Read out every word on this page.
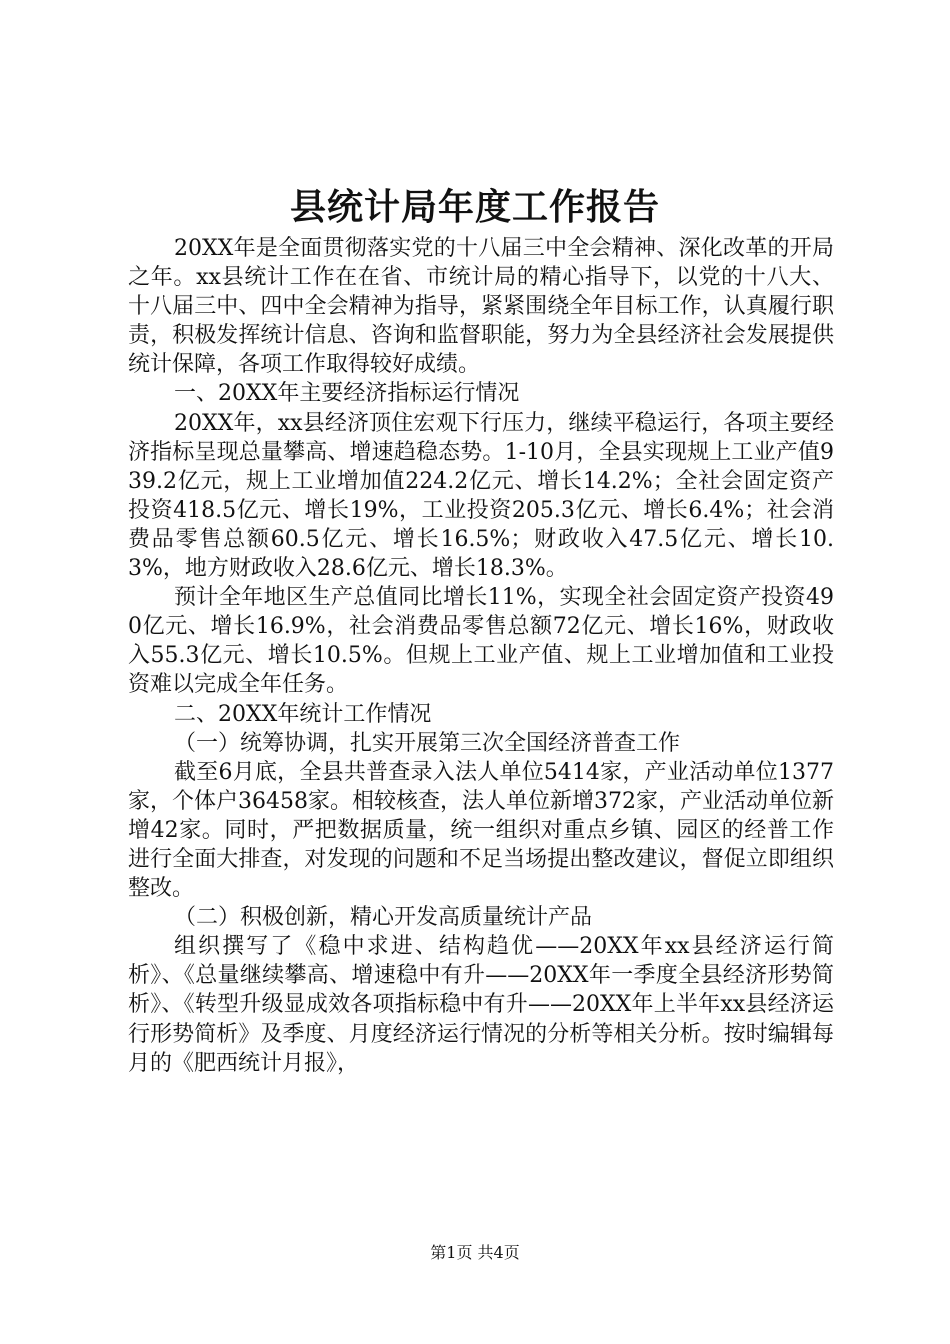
县统计局年度工作报告

20XX年是全面贯彻落实党的十八届三中全会精神、深化改革的开局之年。xx县统计工作在在省、市统计局的精心指导下，以党的十八大、十八届三中、四中全会精神为指导，紧紧围绕全年目标工作，认真履行职责，积极发挥统计信息、咨询和监督职能，努力为全县经济社会发展提供统计保障，各项工作取得较好成绩。

一、20XX年主要经济指标运行情况

20XX年，xx县经济顶住宏观下行压力，继续平稳运行，各项主要经济指标呈现总量攀高、增速趋稳态势。1-10月，全县实现规上工业产值939.2亿元，规上工业增加值224.2亿元、增长14.2%；全社会固定资产投资418.5亿元、增长19%，工业投资205.3亿元、增长6.4%；社会消费品零售总额60.5亿元、增长16.5%；财政收入47.5亿元、增长10.3%，地方财政收入28.6亿元、增长18.3%。

预计全年地区生产总值同比增长11%，实现全社会固定资产投资490亿元、增长16.9%，社会消费品零售总额72亿元、增长16%，财政收入55.3亿元、增长10.5%。但规上工业产值、规上工业增加值和工业投资难以完成全年任务。

二、20XX年统计工作情况

（一）统筹协调，扎实开展第三次全国经济普查工作

截至6月底，全县共普查录入法人单位5414家，产业活动单位1377家，个体户36458家。相较核查，法人单位新增372家，产业活动单位新增42家。同时，严把数据质量，统一组织对重点乡镇、园区的经普工作进行全面大排查，对发现的问题和不足当场提出整改建议，督促立即组织整改。

（二）积极创新，精心开发高质量统计产品

组织撰写了《稳中求进、结构趋优——20XX年xx县经济运行简析》、《总量继续攀高、增速稳中有升——20XX年一季度全县经济形势简析》、《转型升级显成效各项指标稳中有升——20XX年上半年xx县经济运行形势简析》及季度、月度经济运行情况的分析等相关分析。按时编辑每月的《肥西统计月报》，

第1页 共4页
